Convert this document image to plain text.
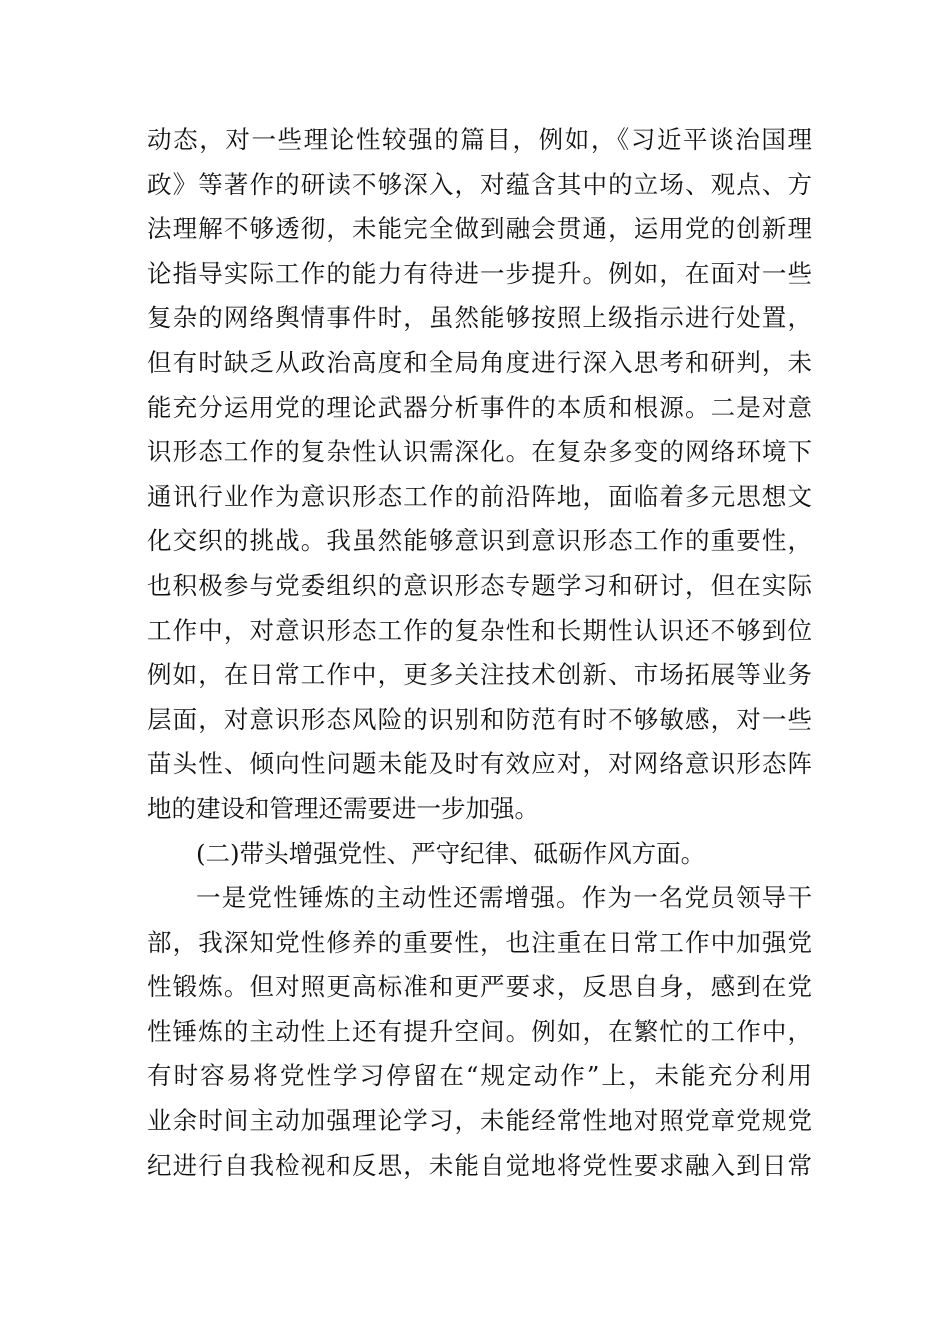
动态，对一些理论性较强的篇目，例如，《习近平谈治国理
政》等著作的研读不够深入，对蕴含其中的立场、观点、方
法理解不够透彻，未能完全做到融会贯通，运用党的创新理
论指导实际工作的能力有待进一步提升。例如，在面对一些
复杂的网络舆情事件时，虽然能够按照上级指示进行处置，
但有时缺乏从政治高度和全局角度进行深入思考和研判，未
能充分运用党的理论武器分析事件的本质和根源。二是对意
识形态工作的复杂性认识需深化。在复杂多变的网络环境下
通讯行业作为意识形态工作的前沿阵地，面临着多元思想文
化交织的挑战。我虽然能够意识到意识形态工作的重要性，
也积极参与党委组织的意识形态专题学习和研讨，但在实际
工作中，对意识形态工作的复杂性和长期性认识还不够到位
例如，在日常工作中，更多关注技术创新、市场拓展等业务
层面，对意识形态风险的识别和防范有时不够敏感，对一些
苗头性、倾向性问题未能及时有效应对，对网络意识形态阵
地的建设和管理还需要进一步加强。
(二)带头增强党性、严守纪律、砥砺作风方面。
一是党性锤炼的主动性还需增强。作为一名党员领导干
部，我深知党性修养的重要性，也注重在日常工作中加强党
性锻炼。但对照更高标准和更严要求，反思自身，感到在党
性锤炼的主动性上还有提升空间。例如，在繁忙的工作中，
有时容易将党性学习停留在“规定动作”上，未能充分利用
业余时间主动加强理论学习，未能经常性地对照党章党规党
纪进行自我检视和反思，未能自觉地将党性要求融入到日常
